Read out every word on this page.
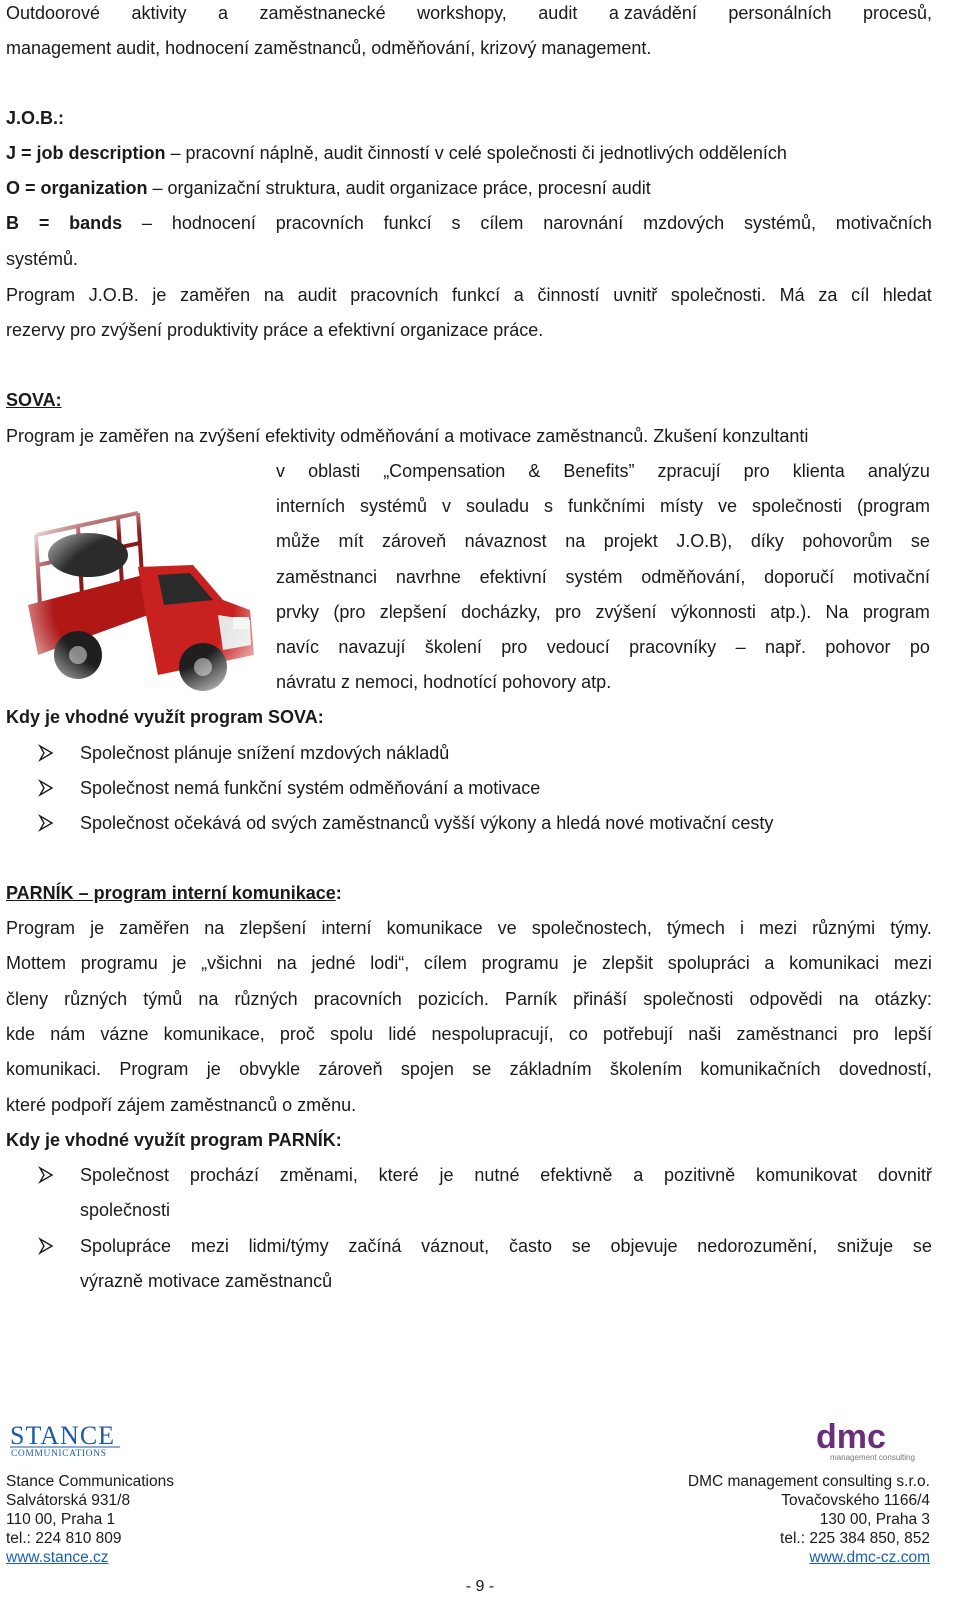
Outdoorové aktivity a zaměstnanecké workshopy, audit a zavádění personálních procesů,
management audit, hodnocení zaměstnanců, odměňování, krizový management.
J.O.B.:
J = job description – pracovní náplně, audit činností v celé společnosti či jednotlivých odděleních
O = organization – organizační struktura, audit organizace práce, procesní audit
B = bands – hodnocení pracovních funkcí s cílem narovnání mzdových systémů, motivačních
systémů.
Program J.O.B. je zaměřen na audit pracovních funkcí a činností uvnitř společnosti. Má za cíl hledat
rezervy pro zvýšení produktivity práce a efektivní organizace práce.
SOVA:
Program je zaměřen na zvýšení efektivity odměňování a motivace zaměstnanců. Zkušení konzultanti
v oblasti „Compensation & Benefits” zpracují pro klienta analýzu
interních systémů v souladu s funkčními místy ve společnosti (program
může mít zároveň návaznost na projekt J.O.B), díky pohovorům se
zaměstnanci navrhne efektivní systém odměňování, doporučí motivační
prvky (pro zlepšení docházky, pro zvýšení výkonnosti atp.). Na program
navíc navazují školení pro vedoucí pracovníky – např. pohovor po
návratu z nemoci, hodnotící pohovory atp.
Kdy je vhodné využít program SOVA:
Společnost plánuje snížení mzdových nákladů
Společnost nemá funkční systém odměňování a motivace
Společnost očekává od svých zaměstnanců vyšší výkony a hledá nové motivační cesty
PARNÍK – program interní komunikace:
Program je zaměřen na zlepšení interní komunikace ve společnostech, týmech i mezi různými týmy.
Mottem programu je „všichni na jedné lodi“, cílem programu je zlepšit spolupráci a komunikaci mezi
členy různých týmů na různých pracovních pozicích. Parník přináší společnosti odpovědi na otázky:
kde nám vázne komunikace, proč spolu lidé nespolupracují, co potřebují naši zaměstnanci pro lepší
komunikaci. Program je obvykle zároveň spojen se základním školením komunikačních dovedností,
které podpoří zájem zaměstnanců o změnu.
Kdy je vhodné využít program PARNÍK:
Společnost prochází změnami, které je nutné efektivně a pozitivně komunikovat dovnitř
společnosti
Spolupráce mezi lidmi/týmy začíná váznout, často se objevuje nedorozumění, snižuje se
výrazně motivace zaměstnanců
STANCE
COMMUNICATIONS	dmc
management consulting
Stance Communications
Salvátorská 931/8
110 00, Praha 1
tel.: 224 810 809
www.stance.cz
DMC management consulting s.r.o.
Tovačovského 1166/4
130 00, Praha 3
tel.: 225 384 850, 852
www.dmc-cz.com
- 9 -
